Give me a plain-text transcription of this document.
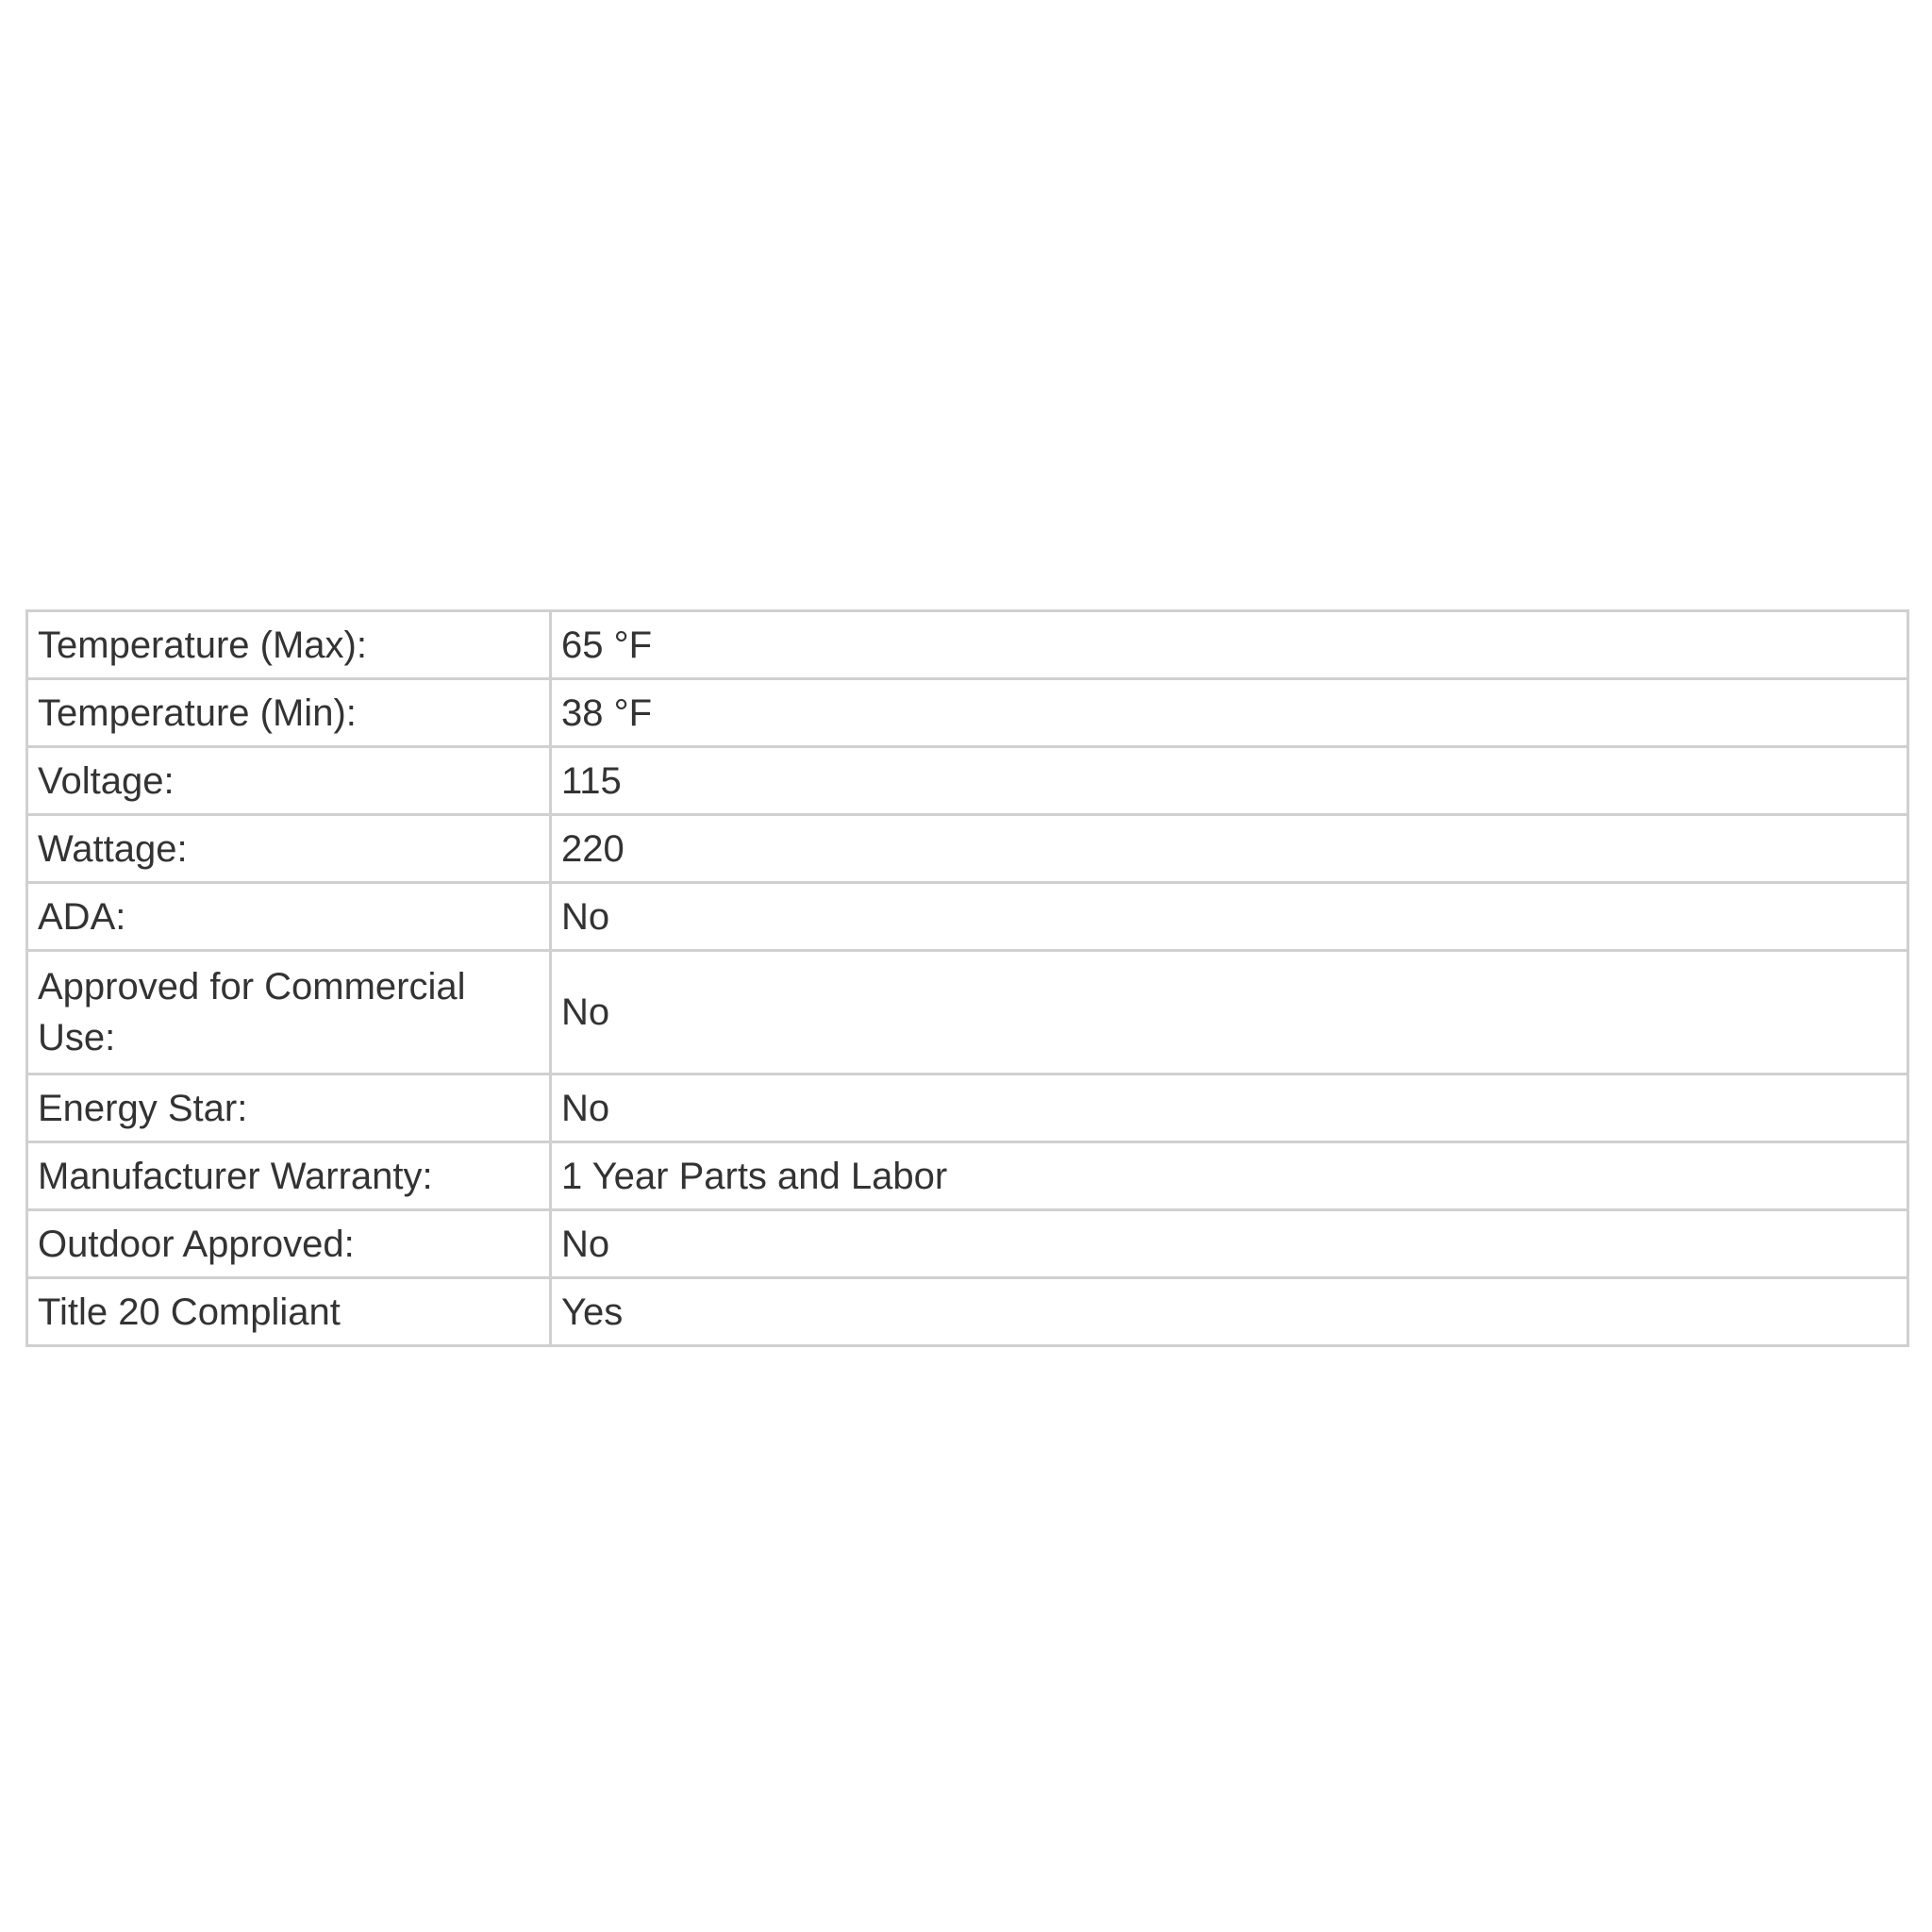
Temperature (Max):	65 °F
Temperature (Min):	38 °F
Voltage:	115
Wattage:	220
ADA:	No
Approved for Commercial Use:	No
Energy Star:	No
Manufacturer Warranty:	1 Year Parts and Labor
Outdoor Approved:	No
Title 20 Compliant	Yes
